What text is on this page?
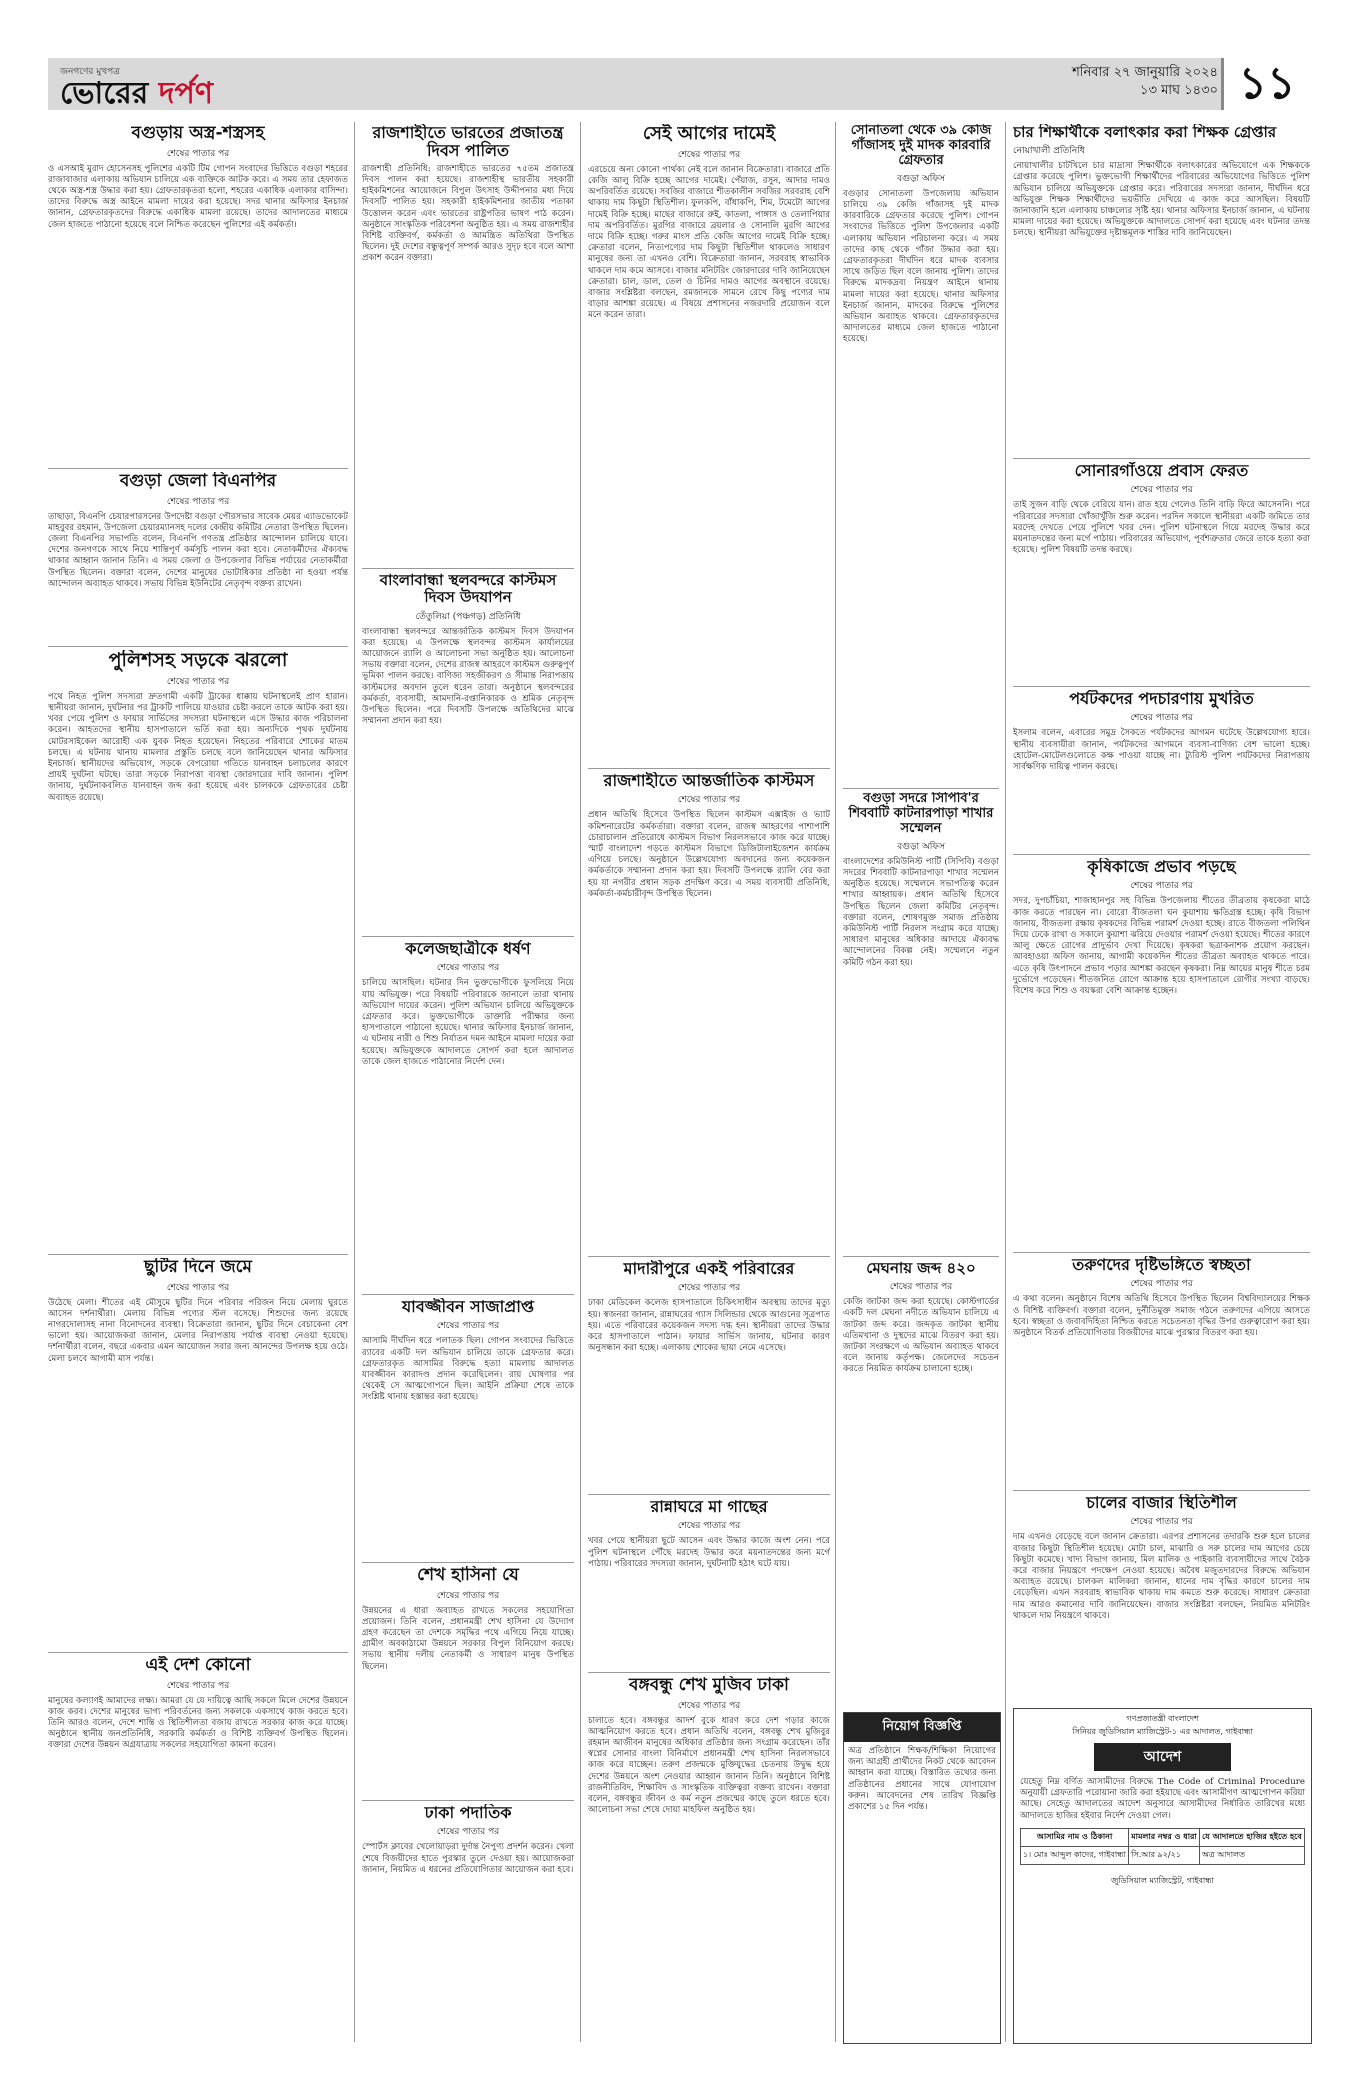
জনগণের মুখপত্র
ভোরের দর্পণ
শনিবার ২৭ জানুয়ারি ২০২৪
১৩ মাঘ ১৪৩০ ১১
বগুড়ায় অস্ত্র-শস্ত্রসহ
শেষের পাতার পর
ও এসআই মুরাদ হোসেনসহ পুলিশের একটি টিম গোপন সংবাদের ভিত্তিতে বগুড়া শহরের রাজাবাজার এলাকায় অভিযান চালিয়ে এক ব্যক্তিকে আটক করে। এ সময় তার হেফাজত থেকে অস্ত্র-শস্ত্র উদ্ধার করা হয়। গ্রেফতারকৃতরা হলো, শহরের একাধিক এলাকার বাসিন্দা। তাদের বিরুদ্ধে অস্ত্র আইনে মামলা দায়ের করা হয়েছে। সদর থানার অফিসার ইনচার্জ জানান, গ্রেফতারকৃতদের বিরুদ্ধে একাধিক মামলা রয়েছে। তাদের আদালতের মাধ্যমে জেল হাজতে পাঠানো হয়েছে বলে নিশ্চিত করেছেন পুলিশের এই কর্মকর্তা।
বগুড়া জেলা বিএনপির
শেষের পাতার পর
তাছাড়া, বিএনপি চেয়ারপারসনের উপদেষ্টা বগুড়া পৌরসভার সাবেক মেয়র এ্যাডভোকেট মাহবুবর রহমান, উপজেলা চেয়ারম্যানসহ দলের কেন্দ্রীয় কমিটির নেতারা উপস্থিত ছিলেন। জেলা বিএনপির সভাপতি বলেন, বিএনপি গণতন্ত্র প্রতিষ্ঠার আন্দোলন চালিয়ে যাবে। দেশের জনগণকে সাথে নিয়ে শান্তিপূর্ণ কর্মসূচি পালন করা হবে। নেতাকর্মীদের ঐক্যবদ্ধ থাকার আহ্বান জানান তিনি। এ সময় জেলা ও উপজেলার বিভিন্ন পর্যায়ের নেতাকর্মীরা উপস্থিত ছিলেন। বক্তারা বলেন, দেশের মানুষের ভোটাধিকার প্রতিষ্ঠা না হওয়া পর্যন্ত আন্দোলন অব্যাহত থাকবে। সভায় বিভিন্ন ইউনিটের নেতৃবৃন্দ বক্তব্য রাখেন।
পুলিশসহ সড়কে ঝরলো
শেষের পাতার পর
পথে নিহত পুলিশ সদস্যরা দ্রুতগামী একটি ট্রাকের ধাক্কায় ঘটনাস্থলেই প্রাণ হারান। স্থানীয়রা জানান, দুর্ঘটনার পর ট্রাকটি পালিয়ে যাওয়ার চেষ্টা করলে তাকে আটক করা হয়। খবর পেয়ে পুলিশ ও ফায়ার সার্ভিসের সদস্যরা ঘটনাস্থলে এসে উদ্ধার কাজ পরিচালনা করেন। আহতদের স্থানীয় হাসপাতালে ভর্তি করা হয়। অন্যদিকে পৃথক দুর্ঘটনায় মোটরসাইকেল আরোহী এক যুবক নিহত হয়েছেন। নিহতের পরিবারে শোকের মাতম চলছে। এ ঘটনায় থানায় মামলার প্রস্তুতি চলছে বলে জানিয়েছেন থানার অফিসার ইনচার্জ। স্থানীয়দের অভিযোগ, সড়কে বেপরোয়া গতিতে যানবাহন চলাচলের কারণে প্রায়ই দুর্ঘটনা ঘটছে। তারা সড়কে নিরাপত্তা ব্যবস্থা জোরদারের দাবি জানান। পুলিশ জানায়, দুর্ঘটনাকবলিত যানবাহন জব্দ করা হয়েছে এবং চালককে গ্রেফতারের চেষ্টা অব্যাহত রয়েছে।
ছুটির দিনে জমে
শেষের পাতার পর
উঠেছে মেলা। শীতের এই মৌসুমে ছুটির দিনে পরিবার পরিজন নিয়ে মেলায় ঘুরতে আসেন দর্শনার্থীরা। মেলায় বিভিন্ন পণ্যের স্টল বসেছে। শিশুদের জন্য রয়েছে নাগরদোলাসহ নানা বিনোদনের ব্যবস্থা। বিক্রেতারা জানান, ছুটির দিনে বেচাকেনা বেশ ভালো হয়। আয়োজকরা জানান, মেলার নিরাপত্তায় পর্যাপ্ত ব্যবস্থা নেওয়া হয়েছে। দর্শনার্থীরা বলেন, বছরে একবার এমন আয়োজন সবার জন্য আনন্দের উপলক্ষ হয়ে ওঠে। মেলা চলবে আগামী মাস পর্যন্ত।
এই দেশ কোনো
শেষের পাতার পর
মানুষের কল্যাণই আমাদের লক্ষ্য। আমরা যে যে দায়িত্বে আছি সকলে মিলে দেশের উন্নয়নে কাজ করব। দেশের মানুষের ভাগ্য পরিবর্তনের জন্য সকলকে একসাথে কাজ করতে হবে। তিনি আরও বলেন, দেশে শান্তি ও স্থিতিশীলতা বজায় রাখতে সরকার কাজ করে যাচ্ছে। অনুষ্ঠানে স্থানীয় জনপ্রতিনিধি, সরকারি কর্মকর্তা ও বিশিষ্ট ব্যক্তিবর্গ উপস্থিত ছিলেন। বক্তারা দেশের উন্নয়ন অগ্রযাত্রায় সকলের সহযোগিতা কামনা করেন।
রাজশাহীতে ভারতের প্রজাতন্ত্র দিবস পালিত
রাজশাহী প্রতিনিধি: রাজশাহীতে ভারতের ৭৫তম প্রজাতন্ত্র দিবস পালন করা হয়েছে। রাজশাহীস্থ ভারতীয় সহকারী হাইকমিশনের আয়োজনে বিপুল উৎসাহ উদ্দীপনার মধ্য দিয়ে দিবসটি পালিত হয়। সহকারী হাইকমিশনার জাতীয় পতাকা উত্তোলন করেন এবং ভারতের রাষ্ট্রপতির ভাষণ পাঠ করেন। অনুষ্ঠানে সাংস্কৃতিক পরিবেশনা অনুষ্ঠিত হয়। এ সময় রাজশাহীর বিশিষ্ট ব্যক্তিবর্গ, কর্মকর্তা ও আমন্ত্রিত অতিথিরা উপস্থিত ছিলেন। দুই দেশের বন্ধুত্বপূর্ণ সম্পর্ক আরও সুদৃঢ় হবে বলে আশা প্রকাশ করেন বক্তারা।
বাংলাবান্ধা স্থলবন্দরে কাস্টমস দিবস উদযাপন
তেঁতুলিয়া (পঞ্চগড়) প্রতিনিধি
বাংলাবান্ধা স্থলবন্দরে আন্তর্জাতিক কাস্টমস দিবস উদযাপন করা হয়েছে। এ উপলক্ষে স্থলবন্দর কাস্টমস কার্যালয়ের আয়োজনে র‍্যালি ও আলোচনা সভা অনুষ্ঠিত হয়। আলোচনা সভায় বক্তারা বলেন, দেশের রাজস্ব আহরণে কাস্টমস গুরুত্বপূর্ণ ভূমিকা পালন করছে। বাণিজ্য সহজীকরণ ও সীমান্ত নিরাপত্তায় কাস্টমসের অবদান তুলে ধরেন তারা। অনুষ্ঠানে স্থলবন্দরের কর্মকর্তা, ব্যবসায়ী, আমদানি-রপ্তানিকারক ও শ্রমিক নেতৃবৃন্দ উপস্থিত ছিলেন। পরে দিবসটি উপলক্ষে অতিথিদের মাঝে সম্মাননা প্রদান করা হয়।
কলেজছাত্রীকে ধর্ষণ
শেষের পাতার পর
চালিয়ে আসছিল। ঘটনার দিন ভুক্তভোগীকে ফুসলিয়ে নিয়ে যায় অভিযুক্ত। পরে বিষয়টি পরিবারকে জানালে তারা থানায় অভিযোগ দায়ের করেন। পুলিশ অভিযান চালিয়ে অভিযুক্তকে গ্রেফতার করে। ভুক্তভোগীকে ডাক্তারি পরীক্ষার জন্য হাসপাতালে পাঠানো হয়েছে। থানার অফিসার ইনচার্জ জানান, এ ঘটনায় নারী ও শিশু নির্যাতন দমন আইনে মামলা দায়ের করা হয়েছে। অভিযুক্তকে আদালতে সোপর্দ করা হলে আদালত তাকে জেল হাজতে পাঠানোর নির্দেশ দেন।
যাবজ্জীবন সাজাপ্রাপ্ত
শেষের পাতার পর
আসামি দীর্ঘদিন ধরে পলাতক ছিল। গোপন সংবাদের ভিত্তিতে র‍্যাবের একটি দল অভিযান চালিয়ে তাকে গ্রেফতার করে। গ্রেফতারকৃত আসামির বিরুদ্ধে হত্যা মামলায় আদালত যাবজ্জীবন কারাদণ্ড প্রদান করেছিলেন। রায় ঘোষণার পর থেকেই সে আত্মগোপনে ছিল। আইনি প্রক্রিয়া শেষে তাকে সংশ্লিষ্ট থানায় হস্তান্তর করা হয়েছে।
শেখ হাসিনা যে
শেষের পাতার পর
উন্নয়নের এ ধারা অব্যাহত রাখতে সকলের সহযোগিতা প্রয়োজন। তিনি বলেন, প্রধানমন্ত্রী শেখ হাসিনা যে উদ্যোগ গ্রহণ করেছেন তা দেশকে সমৃদ্ধির পথে এগিয়ে নিয়ে যাচ্ছে। গ্রামীণ অবকাঠামো উন্নয়নে সরকার বিপুল বিনিয়োগ করছে। সভায় স্থানীয় দলীয় নেতাকর্মী ও সাধারণ মানুষ উপস্থিত ছিলেন।
ঢাকা পদাতিক
শেষের পাতার পর
স্পোর্টস ক্লাবের খেলোয়াড়রা দুর্দান্ত নৈপুণ্য প্রদর্শন করেন। খেলা শেষে বিজয়ীদের হাতে পুরস্কার তুলে দেওয়া হয়। আয়োজকরা জানান, নিয়মিত এ ধরনের প্রতিযোগিতার আয়োজন করা হবে।
সেই আগের দামেই
শেষের পাতার পর
এরচেয়ে অন্য কোনো পার্থক্য নেই বলে জানান বিক্রেতারা। বাজারে প্রতি কেজি আলু বিক্রি হচ্ছে আগের দামেই। পেঁয়াজ, রসুন, আদার দামও অপরিবর্তিত রয়েছে। সবজির বাজারে শীতকালীন সবজির সরবরাহ বেশি থাকায় দাম কিছুটা স্থিতিশীল। ফুলকপি, বাঁধাকপি, শিম, টমেটো আগের দামেই বিক্রি হচ্ছে। মাছের বাজারে রুই, কাতলা, পাঙ্গাস ও তেলাপিয়ার দাম অপরিবর্তিত। মুরগির বাজারে ব্রয়লার ও সোনালি মুরগি আগের দামে বিক্রি হচ্ছে। গরুর মাংস প্রতি কেজি আগের দামেই বিক্রি হচ্ছে। ক্রেতারা বলেন, নিত্যপণ্যের দাম কিছুটা স্থিতিশীল থাকলেও সাধারণ মানুষের জন্য তা এখনও বেশি। বিক্রেতারা জানান, সরবরাহ স্বাভাবিক থাকলে দাম কমে আসবে। বাজার মনিটরিং জোরদারের দাবি জানিয়েছেন ক্রেতারা। চাল, ডাল, তেল ও চিনির দামও আগের অবস্থানে রয়েছে। বাজার সংশ্লিষ্টরা বলছেন, রমজানকে সামনে রেখে কিছু পণ্যের দাম বাড়ার আশঙ্কা রয়েছে। এ বিষয়ে প্রশাসনের নজরদারি প্রয়োজন বলে মনে করেন তারা।
রাজশাহীতে আন্তর্জাতিক কাস্টমস
শেষের পাতার পর
প্রধান অতিথি হিসেবে উপস্থিত ছিলেন কাস্টমস এক্সাইজ ও ভ্যাট কমিশনারেটের কর্মকর্তারা। বক্তারা বলেন, রাজস্ব আহরণের পাশাপাশি চোরাচালান প্রতিরোধে কাস্টমস বিভাগ নিরলসভাবে কাজ করে যাচ্ছে। স্মার্ট বাংলাদেশ গড়তে কাস্টমস বিভাগে ডিজিটালাইজেশন কার্যক্রম এগিয়ে চলছে। অনুষ্ঠানে উল্লেখযোগ্য অবদানের জন্য কয়েকজন কর্মকর্তাকে সম্মাননা প্রদান করা হয়। দিবসটি উপলক্ষে র‍্যালি বের করা হয় যা নগরীর প্রধান সড়ক প্রদক্ষিণ করে। এ সময় ব্যবসায়ী প্রতিনিধি, কর্মকর্তা-কর্মচারীবৃন্দ উপস্থিত ছিলেন।
মাদারীপুরে একই পরিবারের
শেষের পাতার পর
ঢাকা মেডিকেল কলেজ হাসপাতালে চিকিৎসাধীন অবস্থায় তাদের মৃত্যু হয়। স্বজনরা জানান, রান্নাঘরের গ্যাস সিলিন্ডার থেকে আগুনের সূত্রপাত হয়। এতে পরিবারের কয়েকজন সদস্য দগ্ধ হন। স্থানীয়রা তাদের উদ্ধার করে হাসপাতালে পাঠান। ফায়ার সার্ভিস জানায়, ঘটনার কারণ অনুসন্ধান করা হচ্ছে। এলাকায় শোকের ছায়া নেমে এসেছে।
রান্নাঘরে মা গাছের
শেষের পাতার পর
খবর পেয়ে স্থানীয়রা ছুটে আসেন এবং উদ্ধার কাজে অংশ নেন। পরে পুলিশ ঘটনাস্থলে পৌঁছে মরদেহ উদ্ধার করে ময়নাতদন্তের জন্য মর্গে পাঠায়। পরিবারের সদস্যরা জানান, দুর্ঘটনাটি হঠাৎ ঘটে যায়।
বঙ্গবন্ধু শেখ মুজিব ঢাকা
শেষের পাতার পর
চালাতে হবে। বঙ্গবন্ধুর আদর্শ বুকে ধারণ করে দেশ গড়ার কাজে আত্মনিয়োগ করতে হবে। প্রধান অতিথি বলেন, বঙ্গবন্ধু শেখ মুজিবুর রহমান আজীবন মানুষের অধিকার প্রতিষ্ঠার জন্য সংগ্রাম করেছেন। তাঁর স্বপ্নের সোনার বাংলা বিনির্মাণে প্রধানমন্ত্রী শেখ হাসিনা নিরলসভাবে কাজ করে যাচ্ছেন। তরুণ প্রজন্মকে মুক্তিযুদ্ধের চেতনায় উদ্বুদ্ধ হয়ে দেশের উন্নয়নে অংশ নেওয়ার আহ্বান জানান তিনি। অনুষ্ঠানে বিশিষ্ট রাজনীতিবিদ, শিক্ষাবিদ ও সাংস্কৃতিক ব্যক্তিত্বরা বক্তব্য রাখেন। বক্তারা বলেন, বঙ্গবন্ধুর জীবন ও কর্ম নতুন প্রজন্মের কাছে তুলে ধরতে হবে। আলোচনা সভা শেষে দোয়া মাহফিল অনুষ্ঠিত হয়।
সোনাতলা থেকে ৩৯ কেজি গাঁজাসহ দুই মাদক কারবারি গ্রেফতার
বগুড়া অফিস
বগুড়ার সোনাতলা উপজেলায় অভিযান চালিয়ে ৩৯ কেজি গাঁজাসহ দুই মাদক কারবারিকে গ্রেফতার করেছে পুলিশ। গোপন সংবাদের ভিত্তিতে পুলিশ উপজেলার একটি এলাকায় অভিযান পরিচালনা করে। এ সময় তাদের কাছ থেকে গাঁজা উদ্ধার করা হয়। গ্রেফতারকৃতরা দীর্ঘদিন ধরে মাদক ব্যবসার সাথে জড়িত ছিল বলে জানায় পুলিশ। তাদের বিরুদ্ধে মাদকদ্রব্য নিয়ন্ত্রণ আইনে থানায় মামলা দায়ের করা হয়েছে। থানার অফিসার ইনচার্জ জানান, মাদকের বিরুদ্ধে পুলিশের অভিযান অব্যাহত থাকবে। গ্রেফতারকৃতদের আদালতের মাধ্যমে জেল হাজতে পাঠানো হয়েছে।
বগুড়া সদরে সিপিবি'র শিববাটি কাটনারপাড়া শাখার সম্মেলন
বগুড়া অফিস
বাংলাদেশের কমিউনিস্ট পার্টি (সিপিবি) বগুড়া সদরের শিববাটি কাটনারপাড়া শাখার সম্মেলন অনুষ্ঠিত হয়েছে। সম্মেলনে সভাপতিত্ব করেন শাখার আহ্বায়ক। প্রধান অতিথি হিসেবে উপস্থিত ছিলেন জেলা কমিটির নেতৃবৃন্দ। বক্তারা বলেন, শোষণমুক্ত সমাজ প্রতিষ্ঠায় কমিউনিস্ট পার্টি নিরলস সংগ্রাম করে যাচ্ছে। সাধারণ মানুষের অধিকার আদায়ে ঐক্যবদ্ধ আন্দোলনের বিকল্প নেই। সম্মেলনে নতুন কমিটি গঠন করা হয়।
মেঘনায় জব্দ ৪২০
শেষের পাতার পর
কেজি জাটকা জব্দ করা হয়েছে। কোস্টগার্ডের একটি দল মেঘনা নদীতে অভিযান চালিয়ে এ জাটকা জব্দ করে। জব্দকৃত জাটকা স্থানীয় এতিমখানা ও দুস্থদের মাঝে বিতরণ করা হয়। জাটকা সংরক্ষণে এ অভিযান অব্যাহত থাকবে বলে জানায় কর্তৃপক্ষ। জেলেদের সচেতন করতে নিয়মিত কার্যক্রম চালানো হচ্ছে।
নিয়োগ বিজ্ঞপ্তি
অত্র প্রতিষ্ঠানে শিক্ষক/শিক্ষিকা নিয়োগের জন্য আগ্রহী প্রার্থীদের নিকট থেকে আবেদন আহ্বান করা যাচ্ছে। বিস্তারিত তথ্যের জন্য প্রতিষ্ঠানের প্রধানের সাথে যোগাযোগ করুন। আবেদনের শেষ তারিখ বিজ্ঞপ্তি প্রকাশের ১৫ দিন পর্যন্ত।
চার শিক্ষার্থীকে বলাৎকার করা শিক্ষক গ্রেপ্তার
নোয়াখালী প্রতিনিধি
নোয়াখালীর চাটখিলে চার মাদ্রাসা শিক্ষার্থীকে বলাৎকারের অভিযোগে এক শিক্ষককে গ্রেপ্তার করেছে পুলিশ। ভুক্তভোগী শিক্ষার্থীদের পরিবারের অভিযোগের ভিত্তিতে পুলিশ অভিযান চালিয়ে অভিযুক্তকে গ্রেপ্তার করে। পরিবারের সদস্যরা জানান, দীর্ঘদিন ধরে অভিযুক্ত শিক্ষক শিক্ষার্থীদের ভয়ভীতি দেখিয়ে এ কাজ করে আসছিল। বিষয়টি জানাজানি হলে এলাকায় চাঞ্চল্যের সৃষ্টি হয়। থানার অফিসার ইনচার্জ জানান, এ ঘটনায় মামলা দায়ের করা হয়েছে। অভিযুক্তকে আদালতে সোপর্দ করা হয়েছে এবং ঘটনার তদন্ত চলছে। স্থানীয়রা অভিযুক্তের দৃষ্টান্তমূলক শাস্তির দাবি জানিয়েছেন।
সোনারগাঁওয়ে প্রবাস ফেরত
শেষের পাতার পর
তাই সুজন বাড়ি থেকে বেরিয়ে যান। রাত হয়ে গেলেও তিনি বাড়ি ফিরে আসেননি। পরে পরিবারের সদস্যরা খোঁজাখুঁজি শুরু করেন। পরদিন সকালে স্থানীয়রা একটি জমিতে তার মরদেহ দেখতে পেয়ে পুলিশে খবর দেন। পুলিশ ঘটনাস্থলে গিয়ে মরদেহ উদ্ধার করে ময়নাতদন্তের জন্য মর্গে পাঠায়। পরিবারের অভিযোগ, পূর্বশত্রুতার জেরে তাকে হত্যা করা হয়েছে। পুলিশ বিষয়টি তদন্ত করছে।
পর্যটকদের পদচারণায় মুখরিত
শেষের পাতার পর
ইসলাম বলেন, এবারের সমুদ্র সৈকতে পর্যটকদের আগমন ঘটেছে উল্লেখযোগ্য হারে। স্থানীয় ব্যবসায়ীরা জানান, পর্যটকদের আগমনে ব্যবসা-বাণিজ্য বেশ ভালো হচ্ছে। হোটেল-মোটেলগুলোতে কক্ষ পাওয়া যাচ্ছে না। ট্যুরিস্ট পুলিশ পর্যটকদের নিরাপত্তায় সার্বক্ষণিক দায়িত্ব পালন করছে।
কৃষিকাজে প্রভাব পড়ছে
শেষের পাতার পর
সদর, দুপচাঁচিয়া, শাজাহানপুর সহ বিভিন্ন উপজেলায় শীতের তীব্রতায় কৃষকেরা মাঠে কাজ করতে পারছেন না। বোরো বীজতলা ঘন কুয়াশায় ক্ষতিগ্রস্ত হচ্ছে। কৃষি বিভাগ জানায়, বীজতলা রক্ষায় কৃষকদের বিভিন্ন পরামর্শ দেওয়া হচ্ছে। রাতে বীজতলা পলিথিন দিয়ে ঢেকে রাখা ও সকালে কুয়াশা ঝরিয়ে দেওয়ার পরামর্শ দেওয়া হয়েছে। শীতের কারণে আলু ক্ষেতে রোগের প্রাদুর্ভাব দেখা দিয়েছে। কৃষকরা ছত্রাকনাশক প্রয়োগ করছেন। আবহাওয়া অফিস জানায়, আগামী কয়েকদিন শীতের তীব্রতা অব্যাহত থাকতে পারে। এতে কৃষি উৎপাদনে প্রভাব পড়ার আশঙ্কা করছেন কৃষকরা। নিম্ন আয়ের মানুষ শীতে চরম দুর্ভোগে পড়েছেন। শীতজনিত রোগে আক্রান্ত হয়ে হাসপাতালে রোগীর সংখ্যা বাড়ছে। বিশেষ করে শিশু ও বয়স্করা বেশি আক্রান্ত হচ্ছেন।
তরুণদের দৃষ্টিভঙ্গিতে স্বচ্ছতা
শেষের পাতার পর
এ কথা বলেন। অনুষ্ঠানে বিশেষ অতিথি হিসেবে উপস্থিত ছিলেন বিশ্ববিদ্যালয়ের শিক্ষক ও বিশিষ্ট ব্যক্তিবর্গ। বক্তারা বলেন, দুর্নীতিমুক্ত সমাজ গঠনে তরুণদের এগিয়ে আসতে হবে। স্বচ্ছতা ও জবাবদিহিতা নিশ্চিত করতে সচেতনতা বৃদ্ধির উপর গুরুত্বারোপ করা হয়। অনুষ্ঠানে বিতর্ক প্রতিযোগিতার বিজয়ীদের মাঝে পুরস্কার বিতরণ করা হয়।
চালের বাজার স্থিতিশীল
শেষের পাতার পর
দাম এখনও বেড়েছে বলে জানান ক্রেতারা। এরপর প্রশাসনের তদারকি শুরু হলে চালের বাজার কিছুটা স্থিতিশীল হয়েছে। মোটা চাল, মাঝারি ও সরু চালের দাম আগের চেয়ে কিছুটা কমেছে। খাদ্য বিভাগ জানায়, মিল মালিক ও পাইকারি ব্যবসায়ীদের সাথে বৈঠক করে বাজার নিয়ন্ত্রণে পদক্ষেপ নেওয়া হয়েছে। অবৈধ মজুতদারদের বিরুদ্ধে অভিযান অব্যাহত রয়েছে। চালকল মালিকরা জানান, ধানের দাম বৃদ্ধির কারণে চালের দাম বেড়েছিল। এখন সরবরাহ স্বাভাবিক থাকায় দাম কমতে শুরু করেছে। সাধারণ ক্রেতারা দাম আরও কমানোর দাবি জানিয়েছেন। বাজার সংশ্লিষ্টরা বলছেন, নিয়মিত মনিটরিং থাকলে দাম নিয়ন্ত্রণে থাকবে।
গণপ্রজাতন্ত্রী বাংলাদেশ
সিনিয়র জুডিসিয়াল ম্যাজিস্ট্রেট-১ এর আদালত, গাইবান্ধা
আদেশ
যেহেতু নিম্ন বর্ণিত আসামীদের বিরুদ্ধে The Code of Criminal Procedure অনুযায়ী গ্রেফতারি পরোয়ানা জারি করা হইয়াছে এবং আসামীগণ আত্মগোপন করিয়া আছে। সেহেতু আদালতের আদেশ অনুসারে আসামীদের নির্ধারিত তারিখের মধ্যে আদালতে হাজির হইবার নির্দেশ দেওয়া গেল।
আসামির নাম ও ঠিকানা	মামলার নম্বর ও ধারা	যে আদালতে হাজির হইতে হবে
১। মোঃ আব্দুল কাদের, গাইবান্ধা	সি.আর ৯২/২১	অত্র আদালত
জুডিসিয়াল ম্যাজিস্ট্রেট, গাইবান্ধা
